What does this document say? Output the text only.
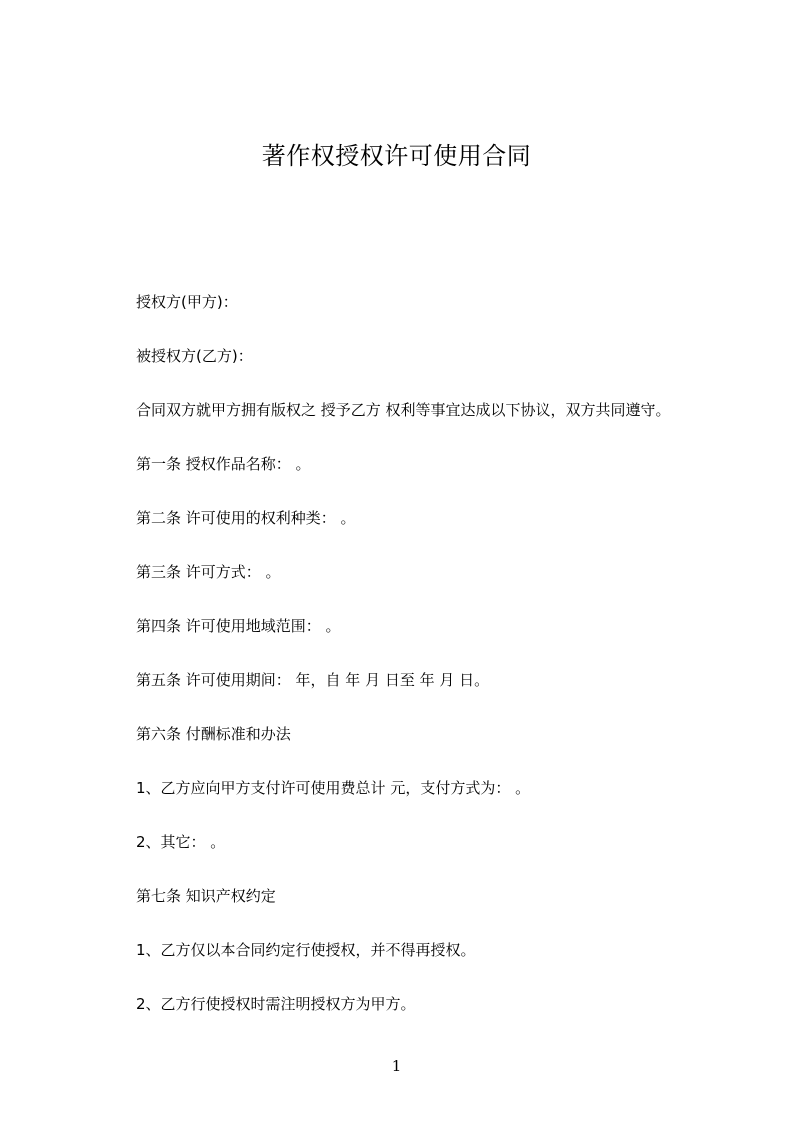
著作权授权许可使用合同
授权方(甲方)：
被授权方(乙方)：
合同双方就甲方拥有版权之 授予乙方 权利等事宜达成以下协议，双方共同遵守。
第一条 授权作品名称： 。
第二条 许可使用的权利种类： 。
第三条 许可方式： 。
第四条 许可使用地域范围： 。
第五条 许可使用期间： 年，自 年 月 日至 年 月 日。
第六条 付酬标准和办法
1、乙方应向甲方支付许可使用费总计 元，支付方式为： 。
2、其它： 。
第七条 知识产权约定
1、乙方仅以本合同约定行使授权，并不得再授权。
2、乙方行使授权时需注明授权方为甲方。
1
